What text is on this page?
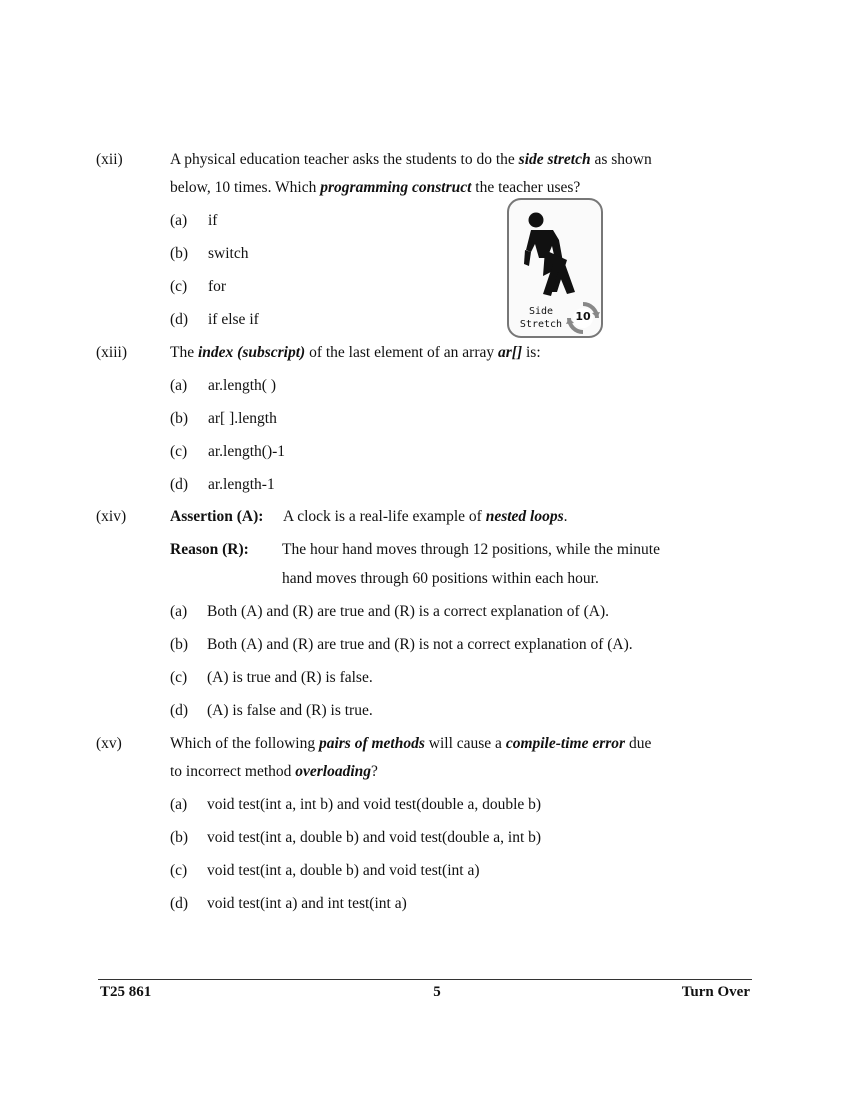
(xii)	A physical education teacher asks the students to do the side stretch as shown
below, 10 times. Which programming construct the teacher uses?
(a) if
(b) switch
(c) for
(d) if else if	Side
Stretch
10
(xiii)	The index (subscript) of the last element of an array ar[] is:
(a) ar.length( )
(b) ar[ ].length
(c) ar.length()-1
(d) ar.length-1
(xiv)	Assertion (A): A clock is a real-life example of nested loops.
Reason (R): The hour hand moves through 12 positions, while the minute
hand moves through 60 positions within each hour.
(a) Both (A) and (R) are true and (R) is a correct explanation of (A).
(b) Both (A) and (R) are true and (R) is not a correct explanation of (A).
(c) (A) is true and (R) is false.
(d) (A) is false and (R) is true.
(xv)	Which of the following pairs of methods will cause a compile-time error due
to incorrect method overloading?
(a) void test(int a, int b) and void test(double a, double b)
(b) void test(int a, double b) and void test(double a, int b)
(c) void test(int a, double b) and void test(int a)
(d) void test(int a) and int test(int a)
T25 861	5	Turn Over
